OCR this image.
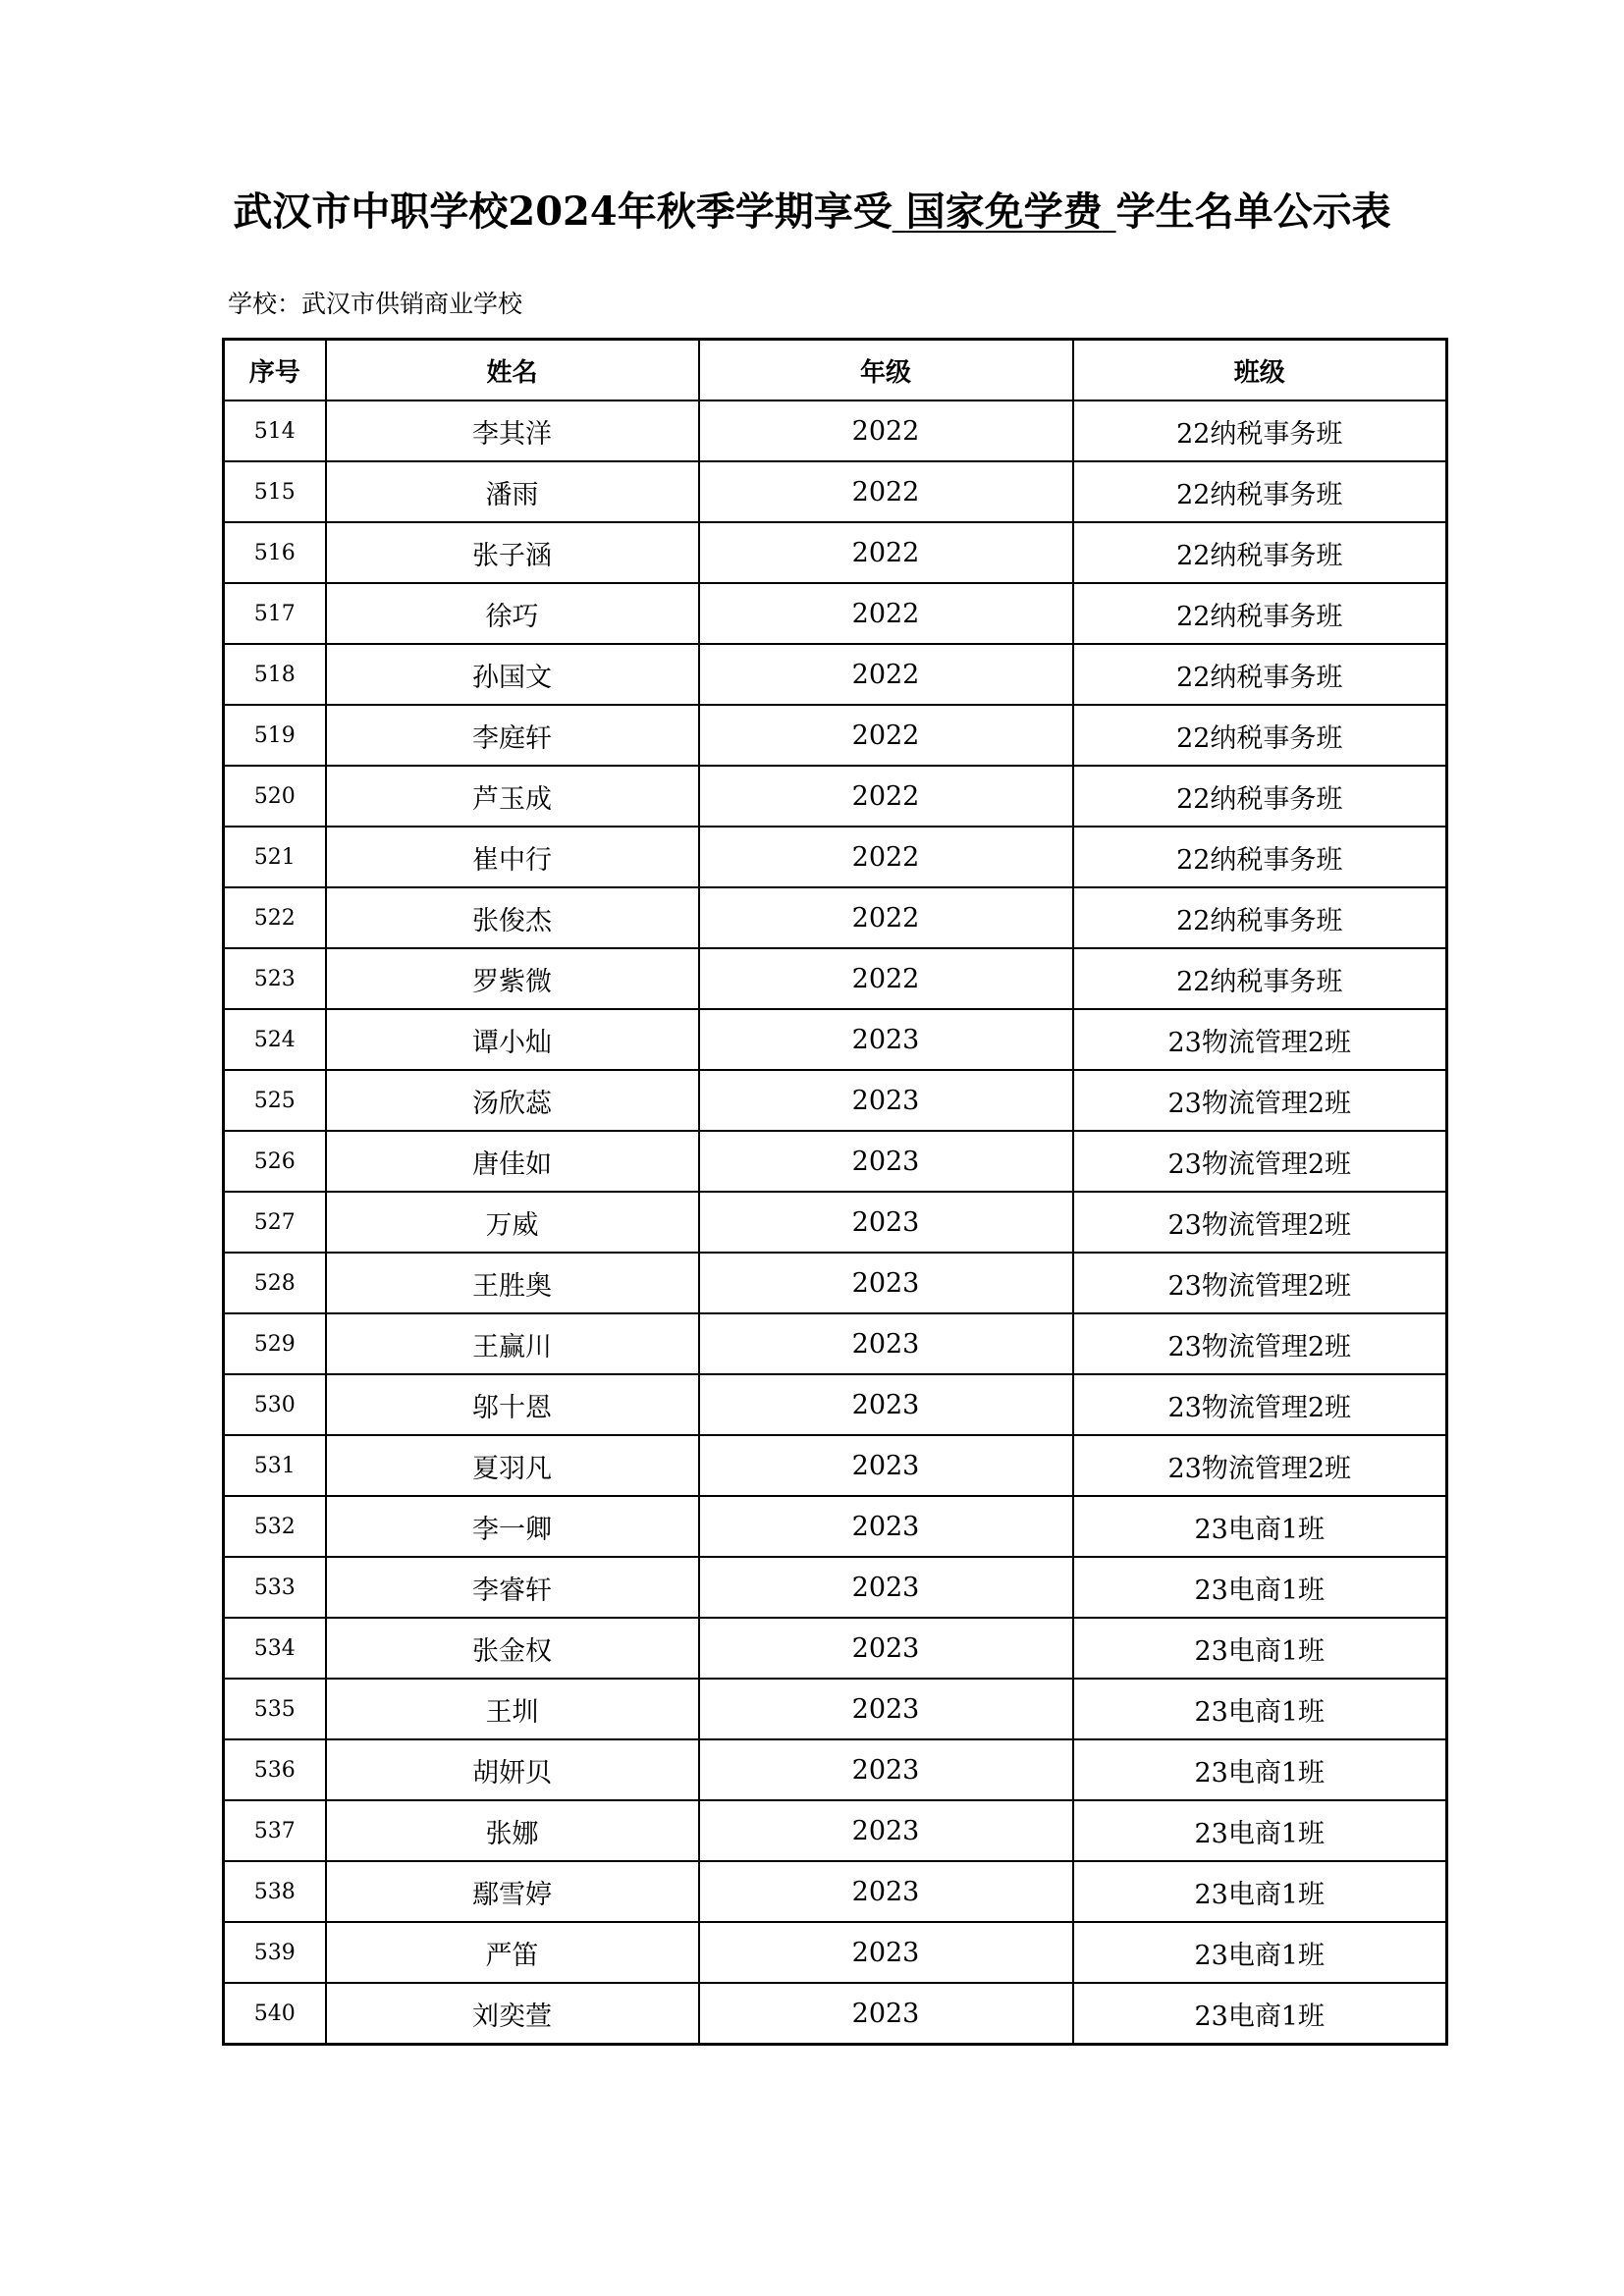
武汉市中职学校2024年秋季学期享受 国家免学费 学生名单公示表
学校：武汉市供销商业学校
序号	姓名	年级	班级
514	李其洋	2022	22纳税事务班
515	潘雨	2022	22纳税事务班
516	张子涵	2022	22纳税事务班
517	徐巧	2022	22纳税事务班
518	孙国文	2022	22纳税事务班
519	李庭轩	2022	22纳税事务班
520	芦玉成	2022	22纳税事务班
521	崔中行	2022	22纳税事务班
522	张俊杰	2022	22纳税事务班
523	罗紫微	2022	22纳税事务班
524	谭小灿	2023	23物流管理2班
525	汤欣蕊	2023	23物流管理2班
526	唐佳如	2023	23物流管理2班
527	万威	2023	23物流管理2班
528	王胜奥	2023	23物流管理2班
529	王赢川	2023	23物流管理2班
530	邬十恩	2023	23物流管理2班
531	夏羽凡	2023	23物流管理2班
532	李一卿	2023	23电商1班
533	李睿轩	2023	23电商1班
534	张金权	2023	23电商1班
535	王圳	2023	23电商1班
536	胡妍贝	2023	23电商1班
537	张娜	2023	23电商1班
538	鄢雪婷	2023	23电商1班
539	严笛	2023	23电商1班
540	刘奕萱	2023	23电商1班
